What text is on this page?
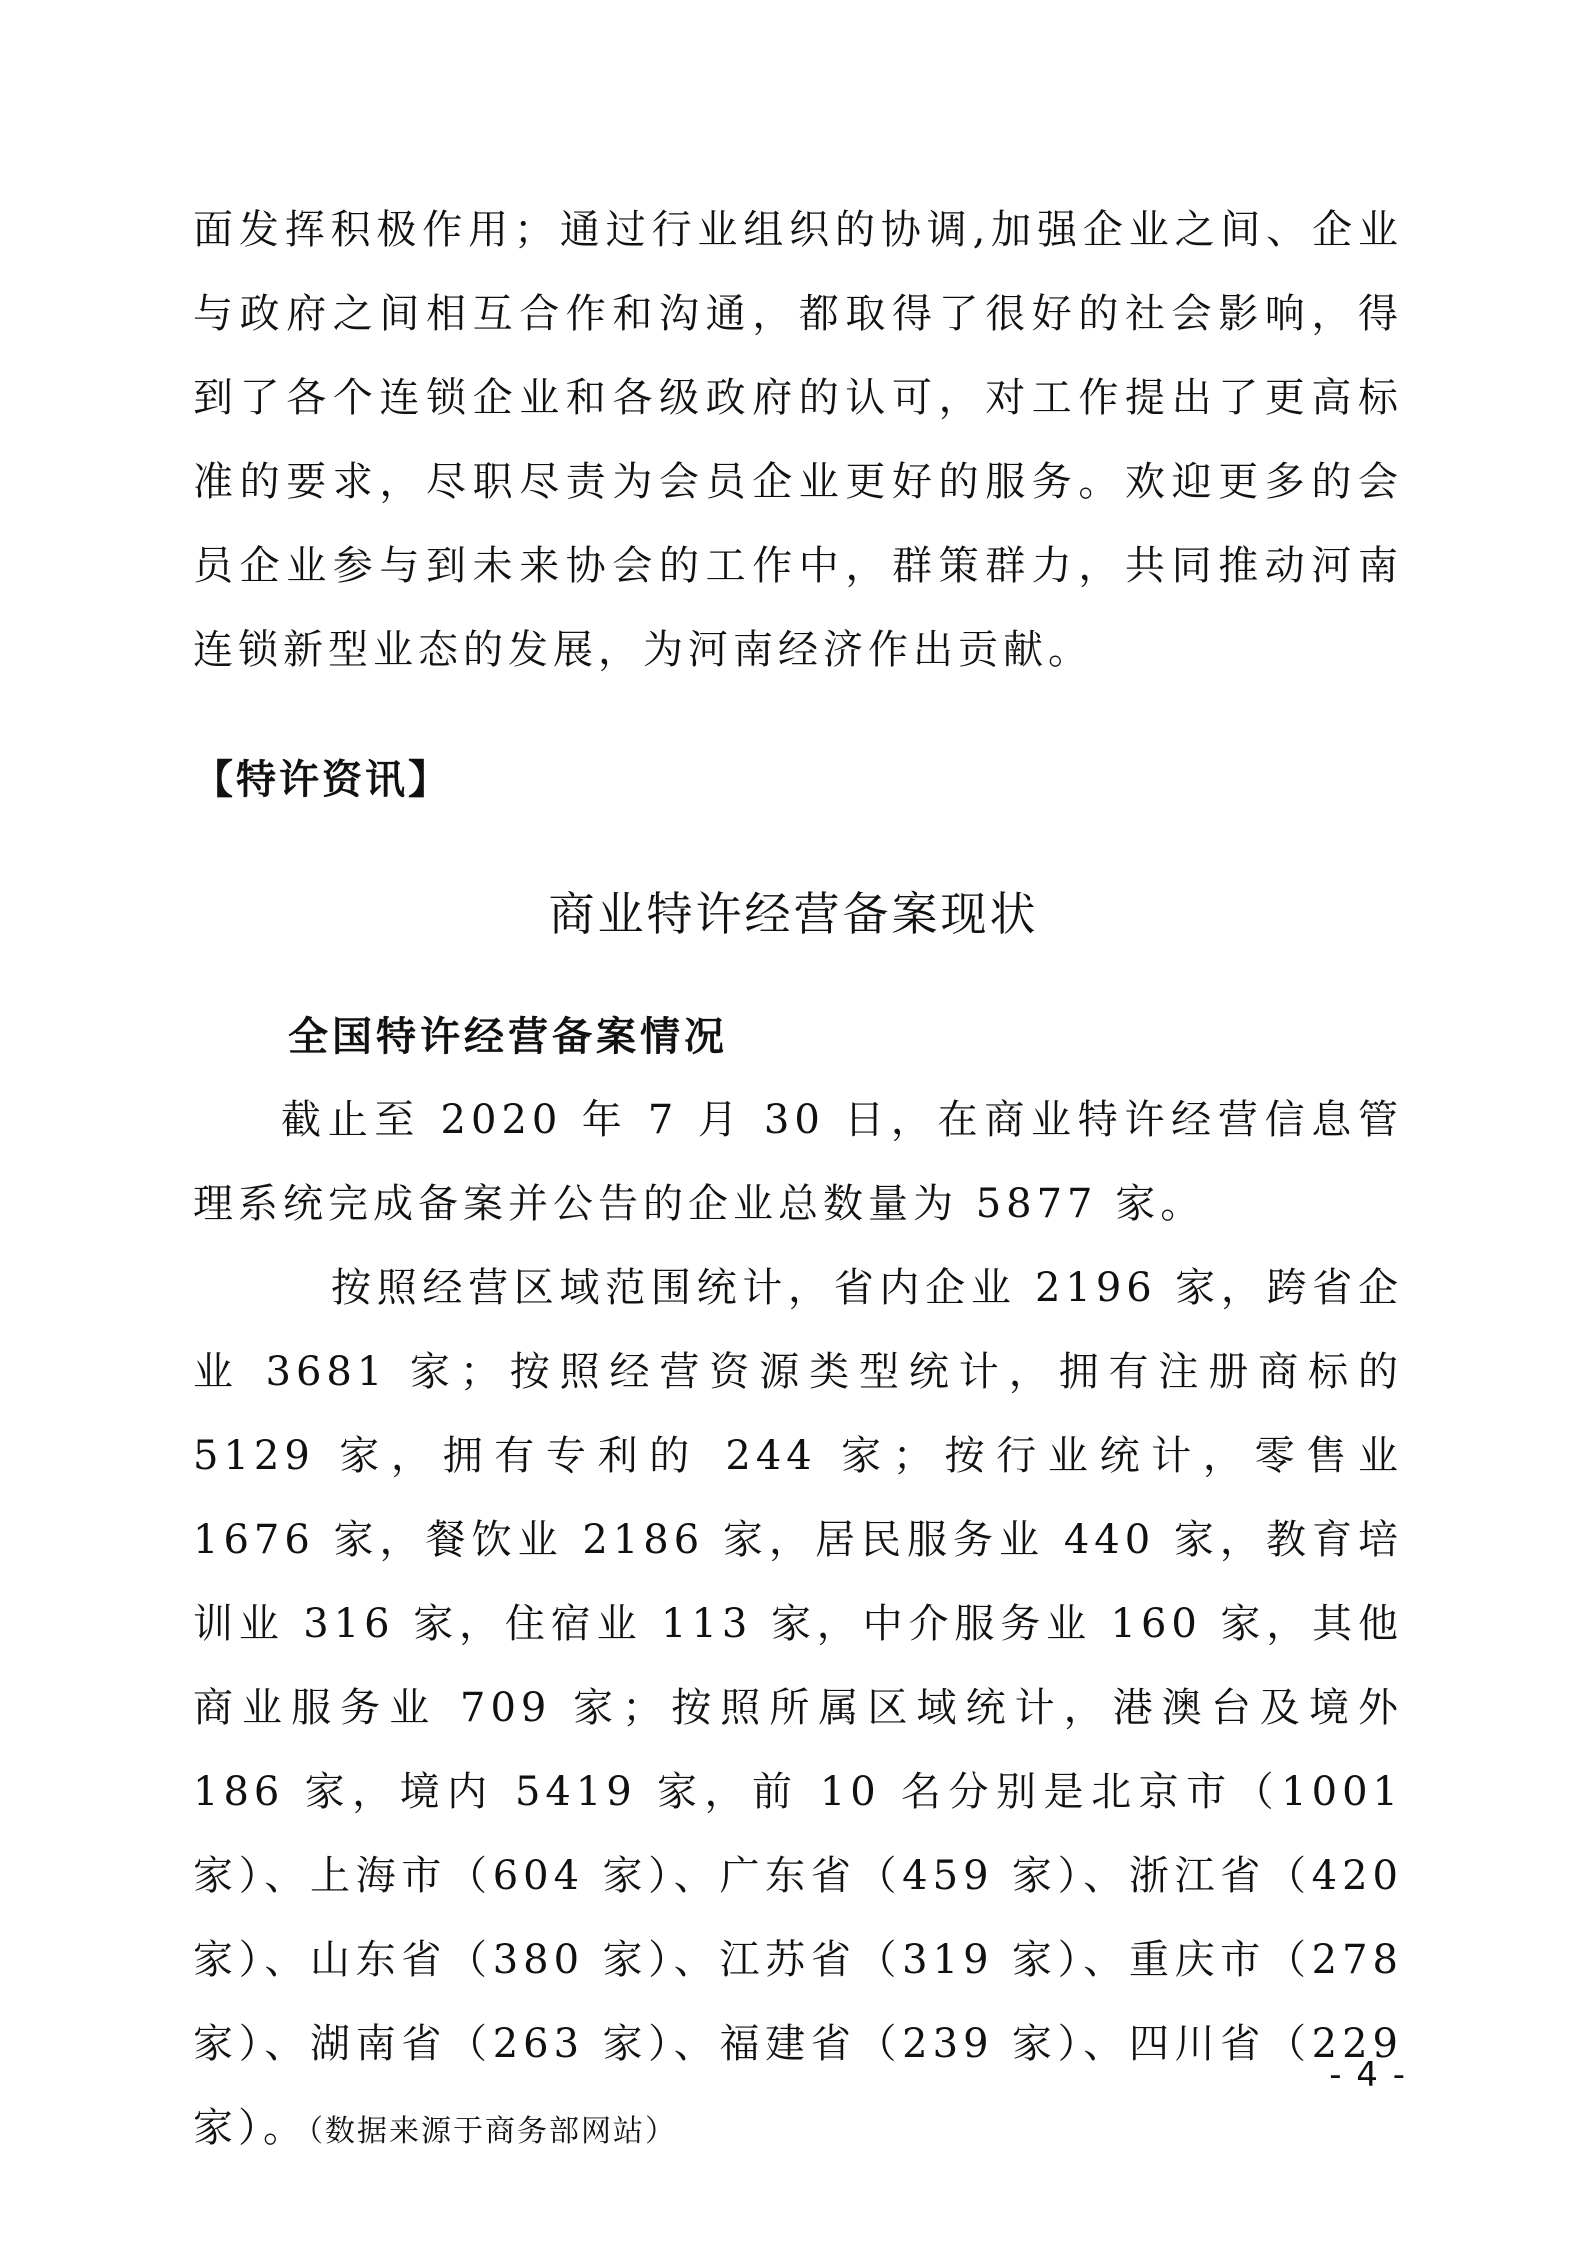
面发挥积极作用；通过行业组织的协调,加强企业之间、企业与政府之间相互合作和沟通，都取得了很好的社会影响，得到了各个连锁企业和各级政府的认可，对工作提出了更高标准的要求，尽职尽责为会员企业更好的服务。欢迎更多的会员企业参与到未来协会的工作中，群策群力，共同推动河南连锁新型业态的发展，为河南经济作出贡献。

【特许资讯】
商业特许经营备案现状
全国特许经营备案情况

截止至 2020 年 7 月 30 日，在商业特许经营信息管理系统完成备案并公告的企业总数量为 5877 家。

按照经营区域范围统计，省内企业 2196 家，跨省企业 3681 家；按照经营资源类型统计，拥有注册商标的 5129 家，拥有专利的 244 家；按行业统计，零售业 1676 家，餐饮业 2186 家，居民服务业 440 家，教育培训业 316 家，住宿业 113 家，中介服务业 160 家，其他商业服务业 709 家；按照所属区域统计，港澳台及境外 186 家，境内 5419 家，前 10 名分别是北京市（1001 家）、上海市（604 家）、广东省（459 家）、浙江省（420 家）、山东省（380 家）、江苏省（319 家）、重庆市（278 家）、湖南省（263 家）、福建省（239 家）、四川省（229 家）。（数据来源于商务部网站）

- 4 -
